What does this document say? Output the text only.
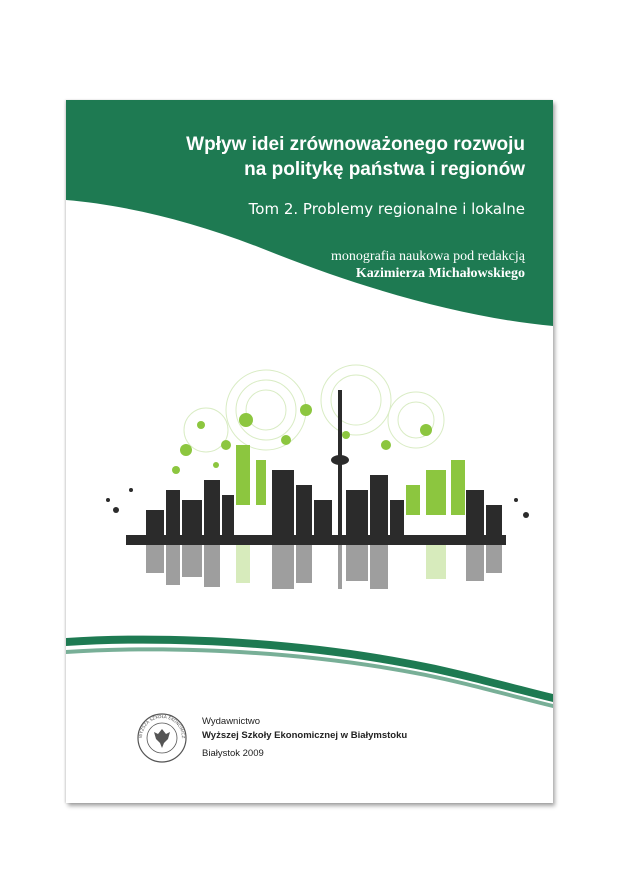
Wpływ idei zrównoważonego rozwoju
na politykę państwa i regionów
Tom 2. Problemy regionalne i lokalne
monografia naukowa pod redakcją
Kazimierza Michałowskiego
WYŻSZA SZKOŁA EKONOMICZ
Wydawnictwo
Wyższej Szkoły Ekonomicznej w Białymstoku
Białystok 2009
